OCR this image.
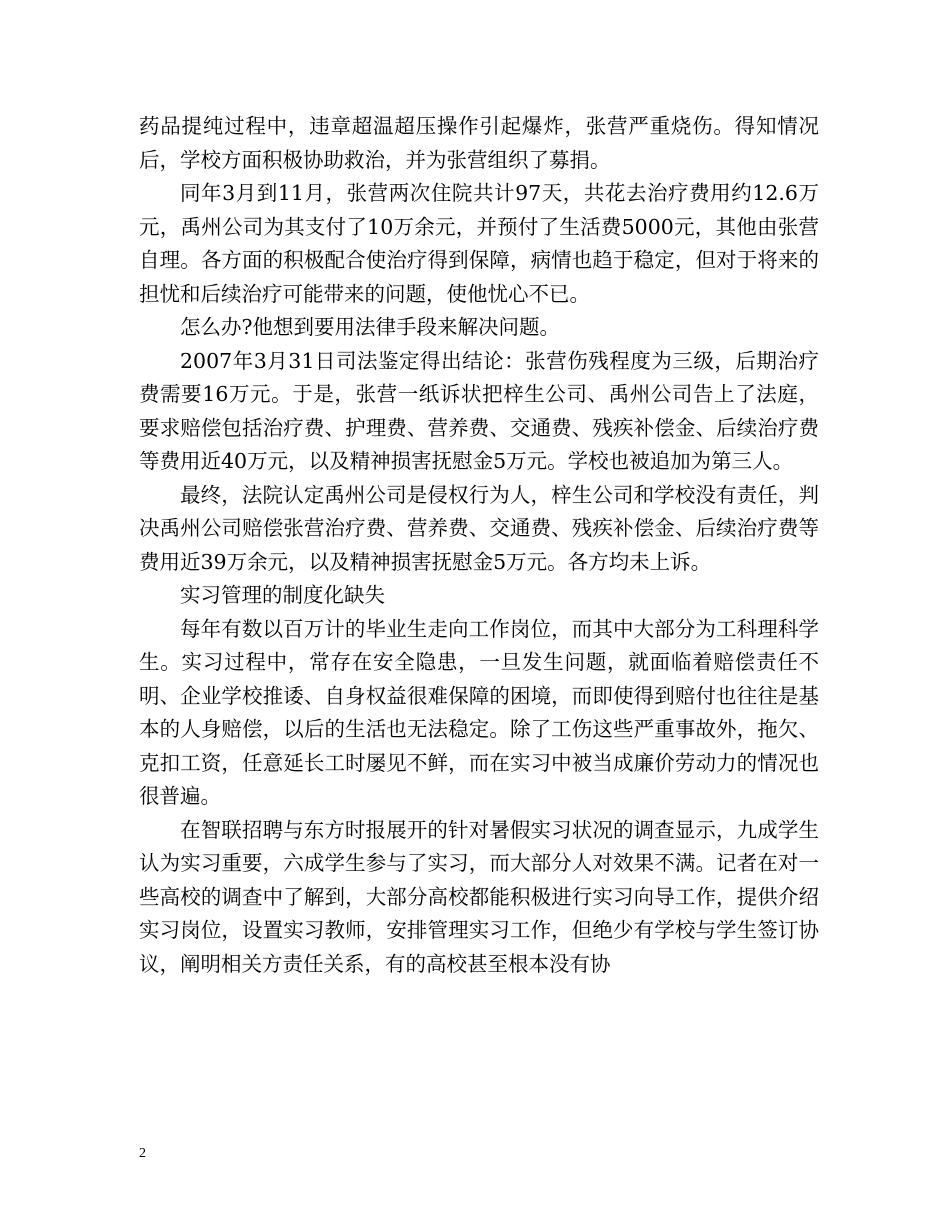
药品提纯过程中，违章超温超压操作引起爆炸，张营严重烧伤。得知情况后，学校方面积极协助救治，并为张营组织了募捐。

同年3月到11月，张营两次住院共计97天，共花去治疗费用约12.6万元，禹州公司为其支付了10万余元，并预付了生活费5000元，其他由张营自理。各方面的积极配合使治疗得到保障，病情也趋于稳定，但对于将来的担忧和后续治疗可能带来的问题，使他忧心不已。

怎么办?他想到要用法律手段来解决问题。

2007年3月31日司法鉴定得出结论：张营伤残程度为三级，后期治疗费需要16万元。于是，张营一纸诉状把梓生公司、禹州公司告上了法庭，要求赔偿包括治疗费、护理费、营养费、交通费、残疾补偿金、后续治疗费等费用近40万元，以及精神损害抚慰金5万元。学校也被追加为第三人。

最终，法院认定禹州公司是侵权行为人，梓生公司和学校没有责任，判决禹州公司赔偿张营治疗费、营养费、交通费、残疾补偿金、后续治疗费等费用近39万余元，以及精神损害抚慰金5万元。各方均未上诉。

实习管理的制度化缺失

每年有数以百万计的毕业生走向工作岗位，而其中大部分为工科理科学生。实习过程中，常存在安全隐患，一旦发生问题，就面临着赔偿责任不明、企业学校推诿、自身权益很难保障的困境，而即使得到赔付也往往是基本的人身赔偿，以后的生活也无法稳定。除了工伤这些严重事故外，拖欠、克扣工资，任意延长工时屡见不鲜，而在实习中被当成廉价劳动力的情况也很普遍。

在智联招聘与东方时报展开的针对暑假实习状况的调查显示，九成学生认为实习重要，六成学生参与了实习，而大部分人对效果不满。记者在对一些高校的调查中了解到，大部分高校都能积极进行实习向导工作，提供介绍实习岗位，设置实习教师，安排管理实习工作，但绝少有学校与学生签订协议，阐明相关方责任关系，有的高校甚至根本没有协

2
